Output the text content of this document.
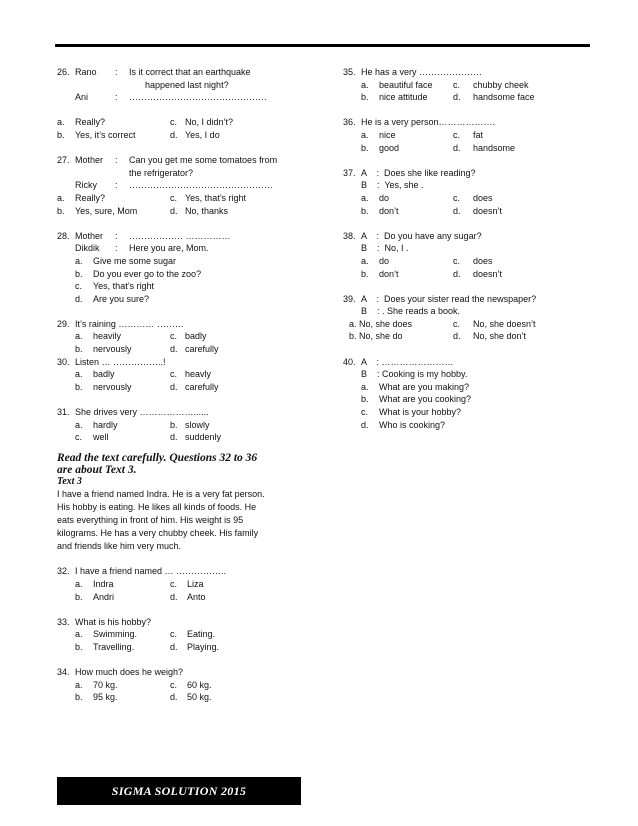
26. Rano : Is it correct that an earthquake
happened last night?
Ani	: ……………………………………….
a. Really?	c. No, I didn’t?
b. Yes, it’s correct	d. Yes, I do
27. Mother : Can you get me some tomatoes from
the refrigerator?
Ricky : …………………………………………
a. Really?	c. Yes, that’s right
b. Yes, sure, Mom	d. No, thanks
28. Mother : ……………… ……………
Dikdik : Here you are, Mom.
a. Give me some sugar
b. Do you ever go to the zoo?
c. Yes, that’s right
d. Are you sure?
29. It’s raining ………… ………
a. heavily	c. badly
b. nervously	d. carefully
30. Listen … ……………..!
a. badly	c. heavly
b. nervously	d. carefully
31. She drives very ………………......
a. hardly	b. slowly
c. well	d. suddenly
Read the text carefully. Questions 32 to 36 are about Text 3.
Text 3
I have a friend named Indra. He is a very fat person. His hobby is eating. He likes all kinds of foods. He eats everything in front of him. His weight is 95 kilograms. He has a very chubby cheek. His family and friends like him very much.
32. I have a friend named … ……………..
a. Indra	c. Liza
b. Andri	d. Anto
33. What is his hobby?
a. Swimming.	c. Eating.
b. Travelling.	d. Playing.
34. How much does he weigh?
a. 70 kg.	c. 60 kg.
b. 95 kg.	d. 50 kg.
35. He has a very …………………
a. beautiful face c. chubby cheek
b. nice attitude	d. handsome face
36. He is a very person……………….
a. nice	c. fat
b. good	d. handsome
37. A    :  Does she like reading?
B    :  Yes, she .
a. do	c. does
b. don’t	d. doesn’t
38. A    :  Do you have any sugar?
B    :  No, I .
a. do	c. does
b. don’t	d. doesn’t
39. A    :  Does your sister read the newspaper?
B    : . She reads a book.
a. No, she does	c. No, she doesn’t
b. No, she do	d. No, she don’t
40. A    : ……………………
B    : Cooking is my hobby.
a. What are you making?
b. What are you cooking?
c. What is your hobby?
d. Who is cooking?
SIGMA SOLUTION 2015
